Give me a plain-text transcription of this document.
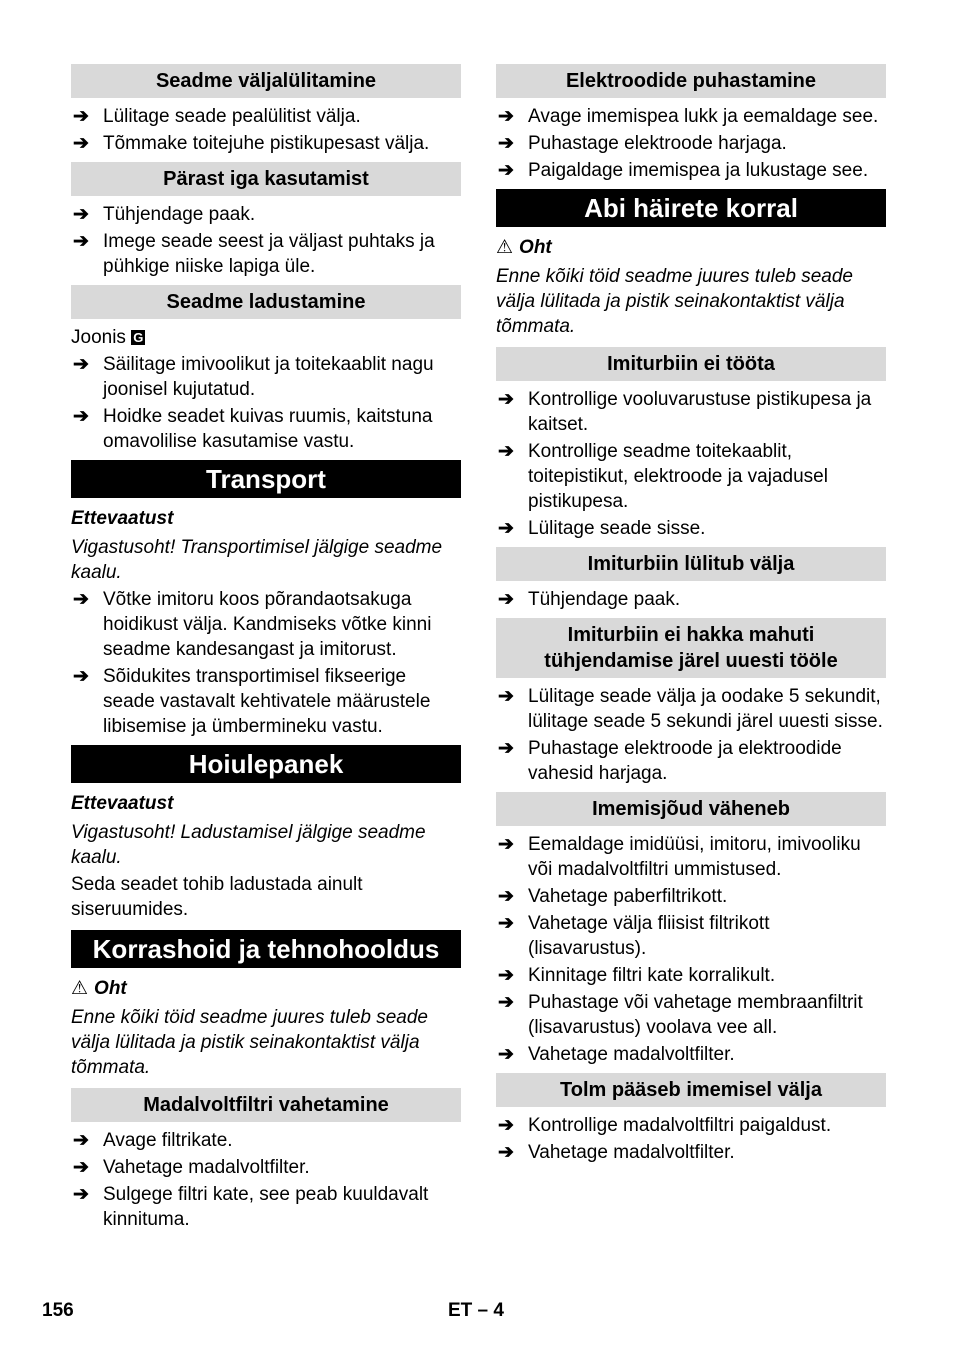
Seadme väljalülitamine
➔ Lülitage seade pealülitist välja.
➔ Tõmmake toitejuhe pistikupesast välja.
Pärast iga kasutamist
➔ Tühjendage paak.
➔ Imege seade seest ja väljast puhtaks ja pühkige niiske lapiga üle.
Seadme ladustamine
Joonis G
➔ Säilitage imivoolikut ja toitekaablit nagu joonisel kujutatud.
➔ Hoidke seadet kuivas ruumis, kaitstuna omavolilise kasutamise vastu.
Transport
Ettevaatust
Vigastusoht! Transportimisel jälgige seadme kaalu.
➔ Võtke imitoru koos põrandaotsakuga hoidikust välja. Kandmiseks võtke kinni seadme kandesangast ja imitorust.
➔ Sõidukites transportimisel fikseerige seade vastavalt kehtivatele määrustele libisemise ja ümbermineku vastu.
Hoiulepanek
Ettevaatust
Vigastusoht! Ladustamisel jälgige seadme kaalu.
Seda seadet tohib ladustada ainult siseruumides.
Korrashoid ja tehnohooldus
⚠ Oht
Enne kõiki töid seadme juures tuleb seade välja lülitada ja pistik seinakontaktist välja tõmmata.
Madalvoltfiltri vahetamine
➔ Avage filtrikate.
➔ Vahetage madalvoltfilter.
➔ Sulgege filtri kate, see peab kuuldavalt kinnituma.
Elektroodide puhastamine
➔ Avage imemispea lukk ja eemaldage see.
➔ Puhastage elektroode harjaga.
➔ Paigaldage imemispea ja lukustage see.
Abi häirete korral
⚠ Oht
Enne kõiki töid seadme juures tuleb seade välja lülitada ja pistik seinakontaktist välja tõmmata.
Imiturbiin ei tööta
➔ Kontrollige vooluvarustuse pistikupesa ja kaitset.
➔ Kontrollige seadme toitekaablit, toitepistikut, elektroode ja vajadusel pistikupesa.
➔ Lülitage seade sisse.
Imiturbiin lülitub välja
➔ Tühjendage paak.
Imiturbiin ei hakka mahuti
tühjendamise järel uuesti tööle
➔ Lülitage seade välja ja oodake 5 sekundit, lülitage seade 5 sekundi järel uuesti sisse.
➔ Puhastage elektroode ja elektroodide vahesid harjaga.
Imemisjõud väheneb
➔ Eemaldage imidüüsi, imitoru, imivooliku või madalvoltfiltri ummistused.
➔ Vahetage paberfiltrikott.
➔ Vahetage välja fliisist filtrikott (lisavarustus).
➔ Kinnitage filtri kate korralikult.
➔ Puhastage või vahetage membraanfiltrit (lisavarustus) voolava vee all.
➔ Vahetage madalvoltfilter.
Tolm pääseb imemisel välja
➔ Kontrollige madalvoltfiltri paigaldust.
➔ Vahetage madalvoltfilter.
156	ET – 4
